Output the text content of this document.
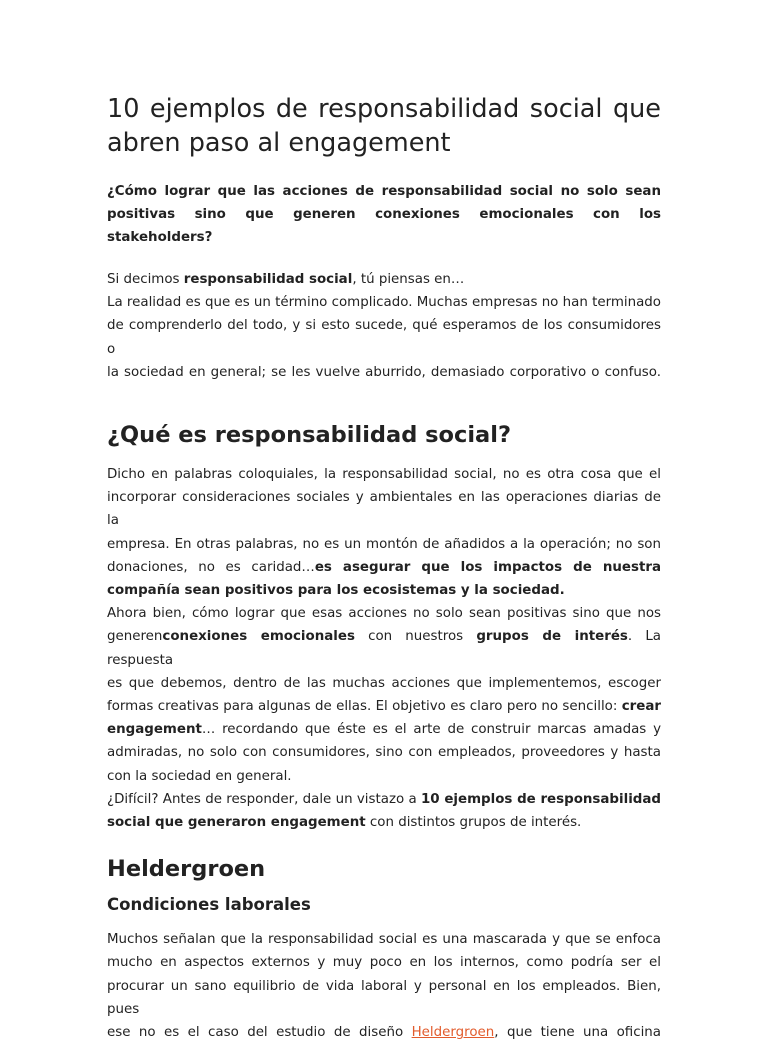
10 ejemplos de responsabilidad social que abren paso al engagement

¿Cómo lograr que las acciones de responsabilidad social no solo sean
positivas sino que generen conexiones emocionales con los stakeholders?

Si decimos responsabilidad social, tú piensas en…
La realidad es que es un término complicado. Muchas empresas no han terminado
de comprenderlo del todo, y si esto sucede, qué esperamos de los consumidores o
la sociedad en general; se les vuelve aburrido, demasiado corporativo o confuso.
¿Qué es responsabilidad social?
Dicho en palabras coloquiales, la responsabilidad social, no es otra cosa que el
incorporar consideraciones sociales y ambientales en las operaciones diarias de la
empresa. En otras palabras, no es un montón de añadidos a la operación; no son
donaciones, no es caridad…es asegurar que los impactos de nuestra
compañía sean positivos para los ecosistemas y la sociedad.
Ahora bien, cómo lograr que esas acciones no solo sean positivas sino que nos
generenconexiones emocionales con nuestros grupos de interés. La respuesta
es que debemos, dentro de las muchas acciones que implementemos, escoger
formas creativas para algunas de ellas. El objetivo es claro pero no sencillo: crear
engagement… recordando que éste es el arte de construir marcas amadas y
admiradas, no solo con consumidores, sino con empleados, proveedores y hasta
con la sociedad en general.
¿Difícil? Antes de responder, dale un vistazo a 10 ejemplos de responsabilidad
social que generaron engagement con distintos grupos de interés.
Heldergroen
Condiciones laborales
Muchos señalan que la responsabilidad social es una mascarada y que se enfoca
mucho en aspectos externos y muy poco en los internos, como podría ser el
procurar un sano equilibrio de vida laboral y personal en los empleados. Bien, pues
ese no es el caso del estudio de diseño Heldergroen, que tiene una oficina
